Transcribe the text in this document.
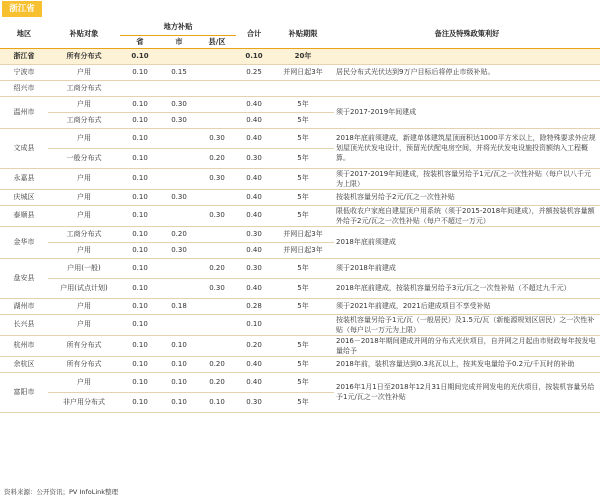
浙江省
地区	补贴对象	地方补贴			合计	补贴期限	备注及特殊政策利好
		省	市	县/区			
浙江省	所有分布式	0.10			0.10	20年	
宁波市	户用	0.10	0.15		0.25	并网日起3年	居民分布式光伏达到9万户目标后将停止市级补贴。
绍兴市	工商分布式						
温州市	户用	0.10	0.30		0.40	5年	须于2017-2019年间建成
	工商分布式	0.10	0.30		0.40	5年	
文成县	户用	0.10		0.30	0.40	5年	2018年底前须建成，新建单体建筑屋顶面积达1000平方米以上，除特殊要求外应规划屋顶光伏发电设计，预留光伏配电房空间，并将光伏发电设施投资额纳入工程概算。
	一般分布式	0.10		0.20	0.30	5年	
永嘉县	户用	0.10		0.30	0.40	5年	须于2017-2019年间建成，按装机容量另给予1元/瓦之一次性补贴（每户以八千元为上限）
庆城区	户用	0.10	0.30		0.40	5年	按装机容量另给予2元/瓦之一次性补贴
泰顺县	户用	0.10		0.30	0.40	5年	限低收农户家庭自建屋顶户用系统（须于2015-2018年间建成），并额按装机容量额外给予2元/瓦之一次性补贴（每户不超过一万元）
金华市	工商分布式	0.10	0.20		0.30	并网日起3年	2018年底前须建成
	户用	0.10	0.30		0.40	并网日起3年	
盘安县	户用(一般)	0.10		0.20	0.30	5年	须于2018年前建成
	户用(试点计划)	0.10		0.30	0.40	5年	2018年底前建成，按装机容量另给予3元/瓦之一次性补贴（不超过九千元）
湖州市	户用	0.10	0.18		0.28	5年	须于2021年前建成，2021后建成项目不享受补贴
长兴县	户用	0.10			0.10		按装机容量另给予1元/瓦（一般居民）及1.5元/瓦（新能源规划区居民）之一次性补贴（每户以一万元为上限）
杭州市	所有分布式	0.10	0.10		0.20	5年	2016－2018年期间建成并网的分布式光伏项目，自并网之月起由市财政每年按发电量给予
余杭区	所有分布式	0.10	0.10	0.20	0.40	5年	2018年前，装机容量达到0.3兆瓦以上，按其发电量给予0.2元/千瓦时的补助
富阳市	户用	0.10	0.10	0.20	0.40	5年	2016年1月1日至2018年12月31日期间完成并网发电的光伏项目，按装机容量另给予1元/瓦之一次性补贴
	非户用分布式	0.10	0.10	0.10	0.30	5年	
资料来源：公开资讯；PV InfoLink整理
